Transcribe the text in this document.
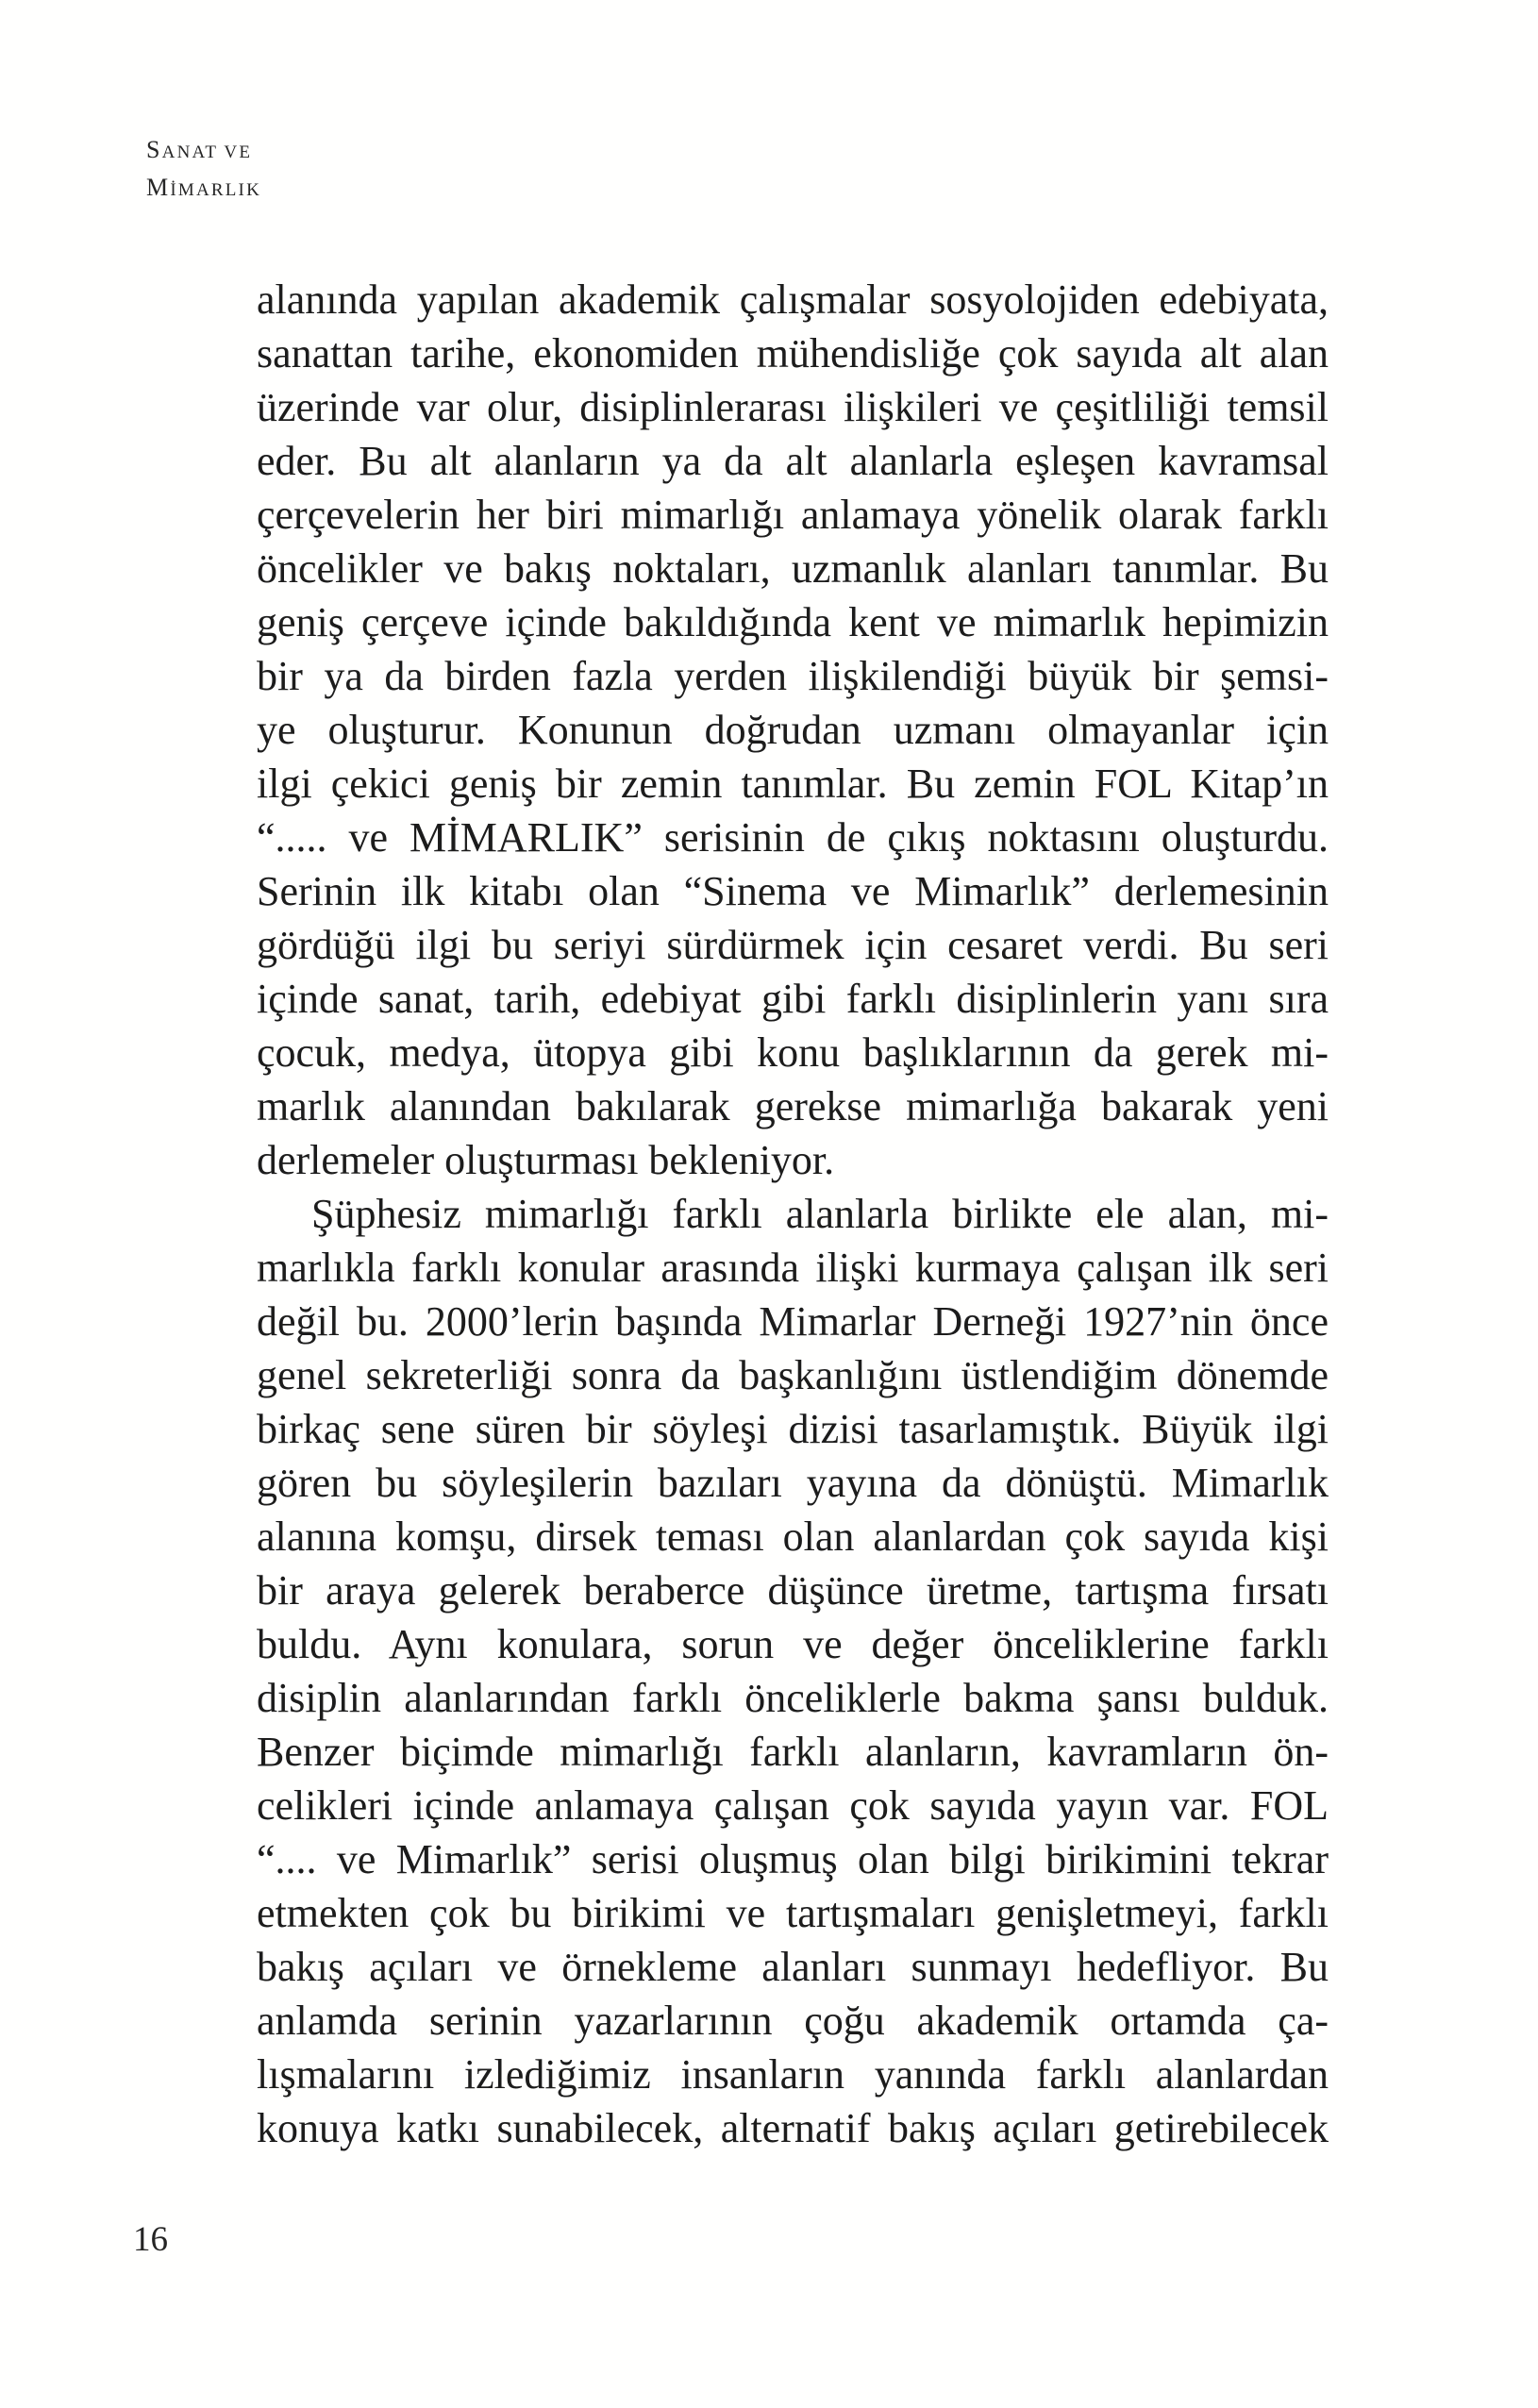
SANAT VE
MİMARLIK
alanında yapılan akademik çalışmalar sosyolojiden edebiyata,
sanattan tarihe, ekonomiden mühendisliğe çok sayıda alt alan
üzerinde var olur, disiplinlerarası ilişkileri ve çeşitliliği temsil
eder. Bu alt alanların ya da alt alanlarla eşleşen kavramsal
çerçevelerin her biri mimarlığı anlamaya yönelik olarak farklı
öncelikler ve bakış noktaları, uzmanlık alanları tanımlar. Bu
geniş çerçeve içinde bakıldığında kent ve mimarlık hepimizin
bir ya da birden fazla yerden ilişkilendiği büyük bir şemsi-
ye oluşturur. Konunun doğrudan uzmanı olmayanlar için
ilgi çekici geniş bir zemin tanımlar. Bu zemin FOL Kitap’ın
“..... ve MİMARLIK” serisinin de çıkış noktasını oluşturdu.
Serinin ilk kitabı olan “Sinema ve Mimarlık” derlemesinin
gördüğü ilgi bu seriyi sürdürmek için cesaret verdi. Bu seri
içinde sanat, tarih, edebiyat gibi farklı disiplinlerin yanı sıra
çocuk, medya, ütopya gibi konu başlıklarının da gerek mi-
marlık alanından bakılarak gerekse mimarlığa bakarak yeni
derlemeler oluşturması bekleniyor.
Şüphesiz mimarlığı farklı alanlarla birlikte ele alan, mi-
marlıkla farklı konular arasında ilişki kurmaya çalışan ilk seri
değil bu. 2000’lerin başında Mimarlar Derneği 1927’nin önce
genel sekreterliği sonra da başkanlığını üstlendiğim dönemde
birkaç sene süren bir söyleşi dizisi tasarlamıştık. Büyük ilgi
gören bu söyleşilerin bazıları yayına da dönüştü. Mimarlık
alanına komşu, dirsek teması olan alanlardan çok sayıda kişi
bir araya gelerek beraberce düşünce üretme, tartışma fırsatı
buldu. Aynı konulara, sorun ve değer önceliklerine farklı
disiplin alanlarından farklı önceliklerle bakma şansı bulduk.
Benzer biçimde mimarlığı farklı alanların, kavramların ön-
celikleri içinde anlamaya çalışan çok sayıda yayın var. FOL
“.... ve Mimarlık” serisi oluşmuş olan bilgi birikimini tekrar
etmekten çok bu birikimi ve tartışmaları genişletmeyi, farklı
bakış açıları ve örnekleme alanları sunmayı hedefliyor. Bu
anlamda serinin yazarlarının çoğu akademik ortamda ça-
lışmalarını izlediğimiz insanların yanında farklı alanlardan
konuya katkı sunabilecek, alternatif bakış açıları getirebilecek
16
